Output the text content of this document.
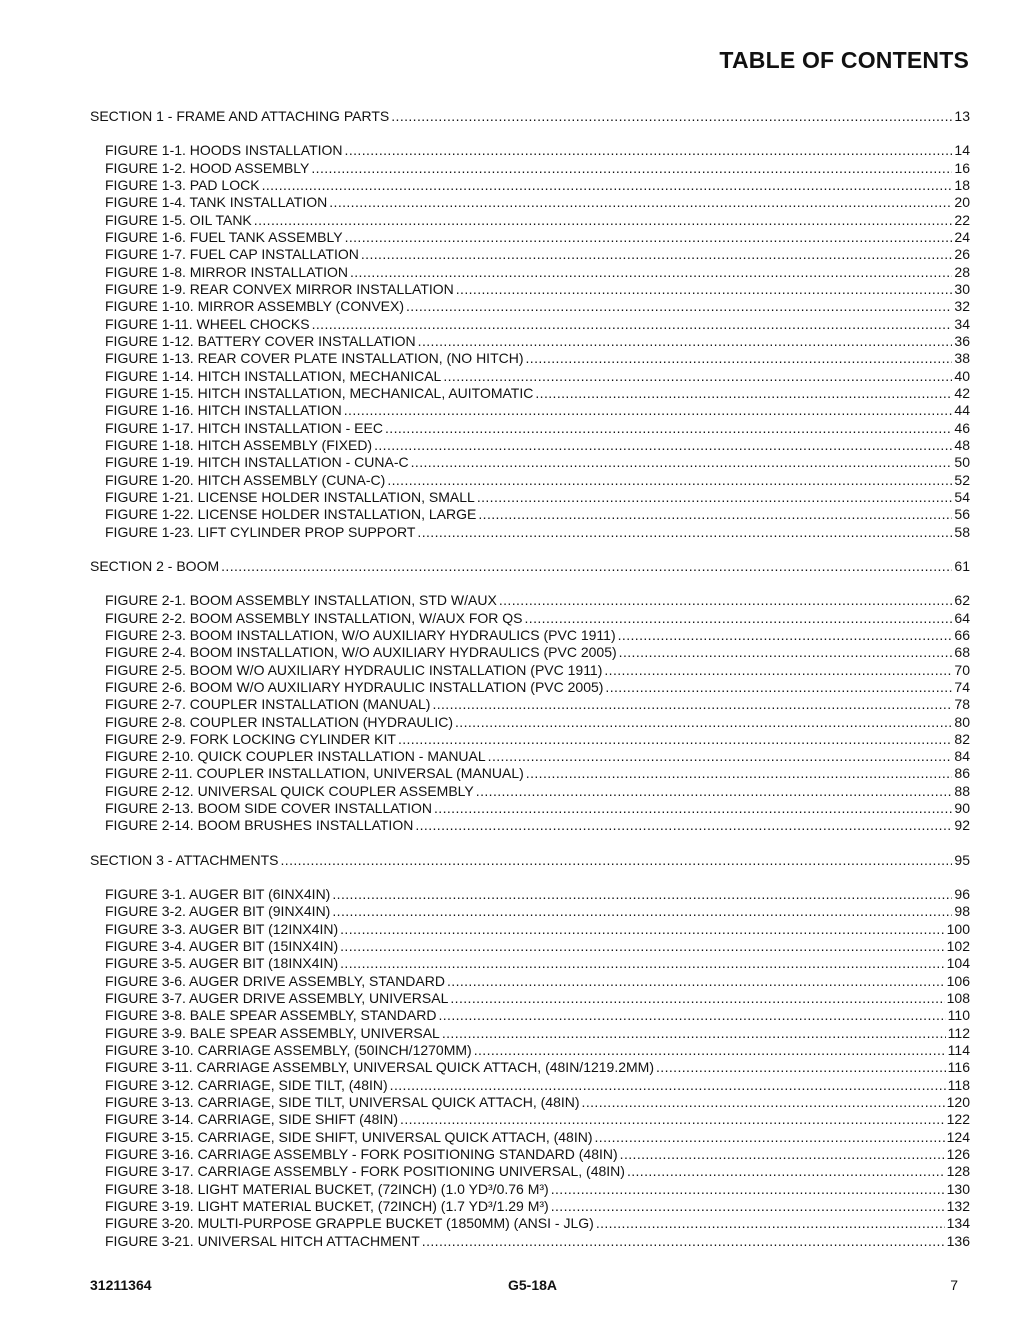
TABLE OF CONTENTS
SECTION 1 - FRAME AND ATTACHING PARTS .....	13
FIGURE 1-1. HOODS INSTALLATION .....	14
FIGURE 1-2. HOOD ASSEMBLY .....	16
FIGURE 1-3. PAD LOCK .....	18
FIGURE 1-4. TANK INSTALLATION .....	20
FIGURE 1-5. OIL TANK .....	22
FIGURE 1-6. FUEL TANK ASSEMBLY .....	24
FIGURE 1-7. FUEL CAP INSTALLATION .....	26
FIGURE 1-8. MIRROR INSTALLATION .....	28
FIGURE 1-9. REAR CONVEX MIRROR INSTALLATION .....	30
FIGURE 1-10. MIRROR ASSEMBLY (CONVEX) .....	32
FIGURE 1-11. WHEEL CHOCKS .....	34
FIGURE 1-12. BATTERY COVER INSTALLATION .....	36
FIGURE 1-13. REAR COVER PLATE INSTALLATION, (NO HITCH) .....	38
FIGURE 1-14. HITCH INSTALLATION, MECHANICAL .....	40
FIGURE 1-15. HITCH INSTALLATION, MECHANICAL, AUITOMATIC .....	42
FIGURE 1-16. HITCH INSTALLATION .....	44
FIGURE 1-17. HITCH INSTALLATION - EEC .....	46
FIGURE 1-18. HITCH ASSEMBLY (FIXED) .....	48
FIGURE 1-19. HITCH INSTALLATION - CUNA-C .....	50
FIGURE 1-20. HITCH ASSEMBLY (CUNA-C) .....	52
FIGURE 1-21. LICENSE HOLDER INSTALLATION, SMALL .....	54
FIGURE 1-22. LICENSE HOLDER INSTALLATION, LARGE .....	56
FIGURE 1-23. LIFT CYLINDER PROP SUPPORT .....	58
SECTION 2 - BOOM .....	61
FIGURE 2-1. BOOM ASSEMBLY INSTALLATION, STD W/AUX .....	62
FIGURE 2-2. BOOM ASSEMBLY INSTALLATION, W/AUX FOR QS .....	64
FIGURE 2-3. BOOM INSTALLATION, W/O AUXILIARY HYDRAULICS (PVC 1911) .....	66
FIGURE 2-4. BOOM INSTALLATION, W/O AUXILIARY HYDRAULICS (PVC 2005) .....	68
FIGURE 2-5. BOOM W/O AUXILIARY HYDRAULIC INSTALLATION (PVC 1911) .....	70
FIGURE 2-6. BOOM W/O AUXILIARY HYDRAULIC INSTALLATION (PVC 2005) .....	74
FIGURE 2-7. COUPLER INSTALLATION (MANUAL) .....	78
FIGURE 2-8. COUPLER INSTALLATION (HYDRAULIC) .....	80
FIGURE 2-9. FORK LOCKING CYLINDER KIT .....	82
FIGURE 2-10. QUICK COUPLER INSTALLATION - MANUAL .....	84
FIGURE 2-11. COUPLER INSTALLATION, UNIVERSAL (MANUAL) .....	86
FIGURE 2-12. UNIVERSAL QUICK COUPLER ASSEMBLY .....	88
FIGURE 2-13. BOOM SIDE COVER INSTALLATION .....	90
FIGURE 2-14. BOOM BRUSHES INSTALLATION .....	92
SECTION 3 - ATTACHMENTS .....	95
FIGURE 3-1. AUGER BIT (6INX4IN) .....	96
FIGURE 3-2. AUGER BIT (9INX4IN) .....	98
FIGURE 3-3. AUGER BIT (12INX4IN) .....	100
FIGURE 3-4. AUGER BIT (15INX4IN) .....	102
FIGURE 3-5. AUGER BIT (18INX4IN) .....	104
FIGURE 3-6. AUGER DRIVE ASSEMBLY, STANDARD .....	106
FIGURE 3-7. AUGER DRIVE ASSEMBLY, UNIVERSAL .....	108
FIGURE 3-8. BALE SPEAR ASSEMBLY, STANDARD .....	110
FIGURE 3-9. BALE SPEAR ASSEMBLY, UNIVERSAL .....	112
FIGURE 3-10. CARRIAGE ASSEMBLY, (50INCH/1270MM) .....	114
FIGURE 3-11. CARRIAGE ASSEMBLY, UNIVERSAL QUICK ATTACH, (48IN/1219.2MM) .....	116
FIGURE 3-12. CARRIAGE, SIDE TILT, (48IN) .....	118
FIGURE 3-13. CARRIAGE, SIDE TILT, UNIVERSAL QUICK ATTACH, (48IN) .....	120
FIGURE 3-14. CARRIAGE, SIDE SHIFT (48IN) .....	122
FIGURE 3-15. CARRIAGE, SIDE SHIFT, UNIVERSAL QUICK ATTACH, (48IN) .....	124
FIGURE 3-16. CARRIAGE ASSEMBLY - FORK POSITIONING STANDARD (48IN) .....	126
FIGURE 3-17. CARRIAGE ASSEMBLY - FORK POSITIONING UNIVERSAL, (48IN) .....	128
FIGURE 3-18. LIGHT MATERIAL BUCKET, (72INCH) (1.0 YD³/0.76 M³) .....	130
FIGURE 3-19. LIGHT MATERIAL BUCKET, (72INCH) (1.7 YD³/1.29 M³) .....	132
FIGURE 3-20. MULTI-PURPOSE GRAPPLE BUCKET (1850MM) (ANSI - JLG) .....	134
FIGURE 3-21. UNIVERSAL HITCH ATTACHMENT .....	136
31211364	G5-18A	7
